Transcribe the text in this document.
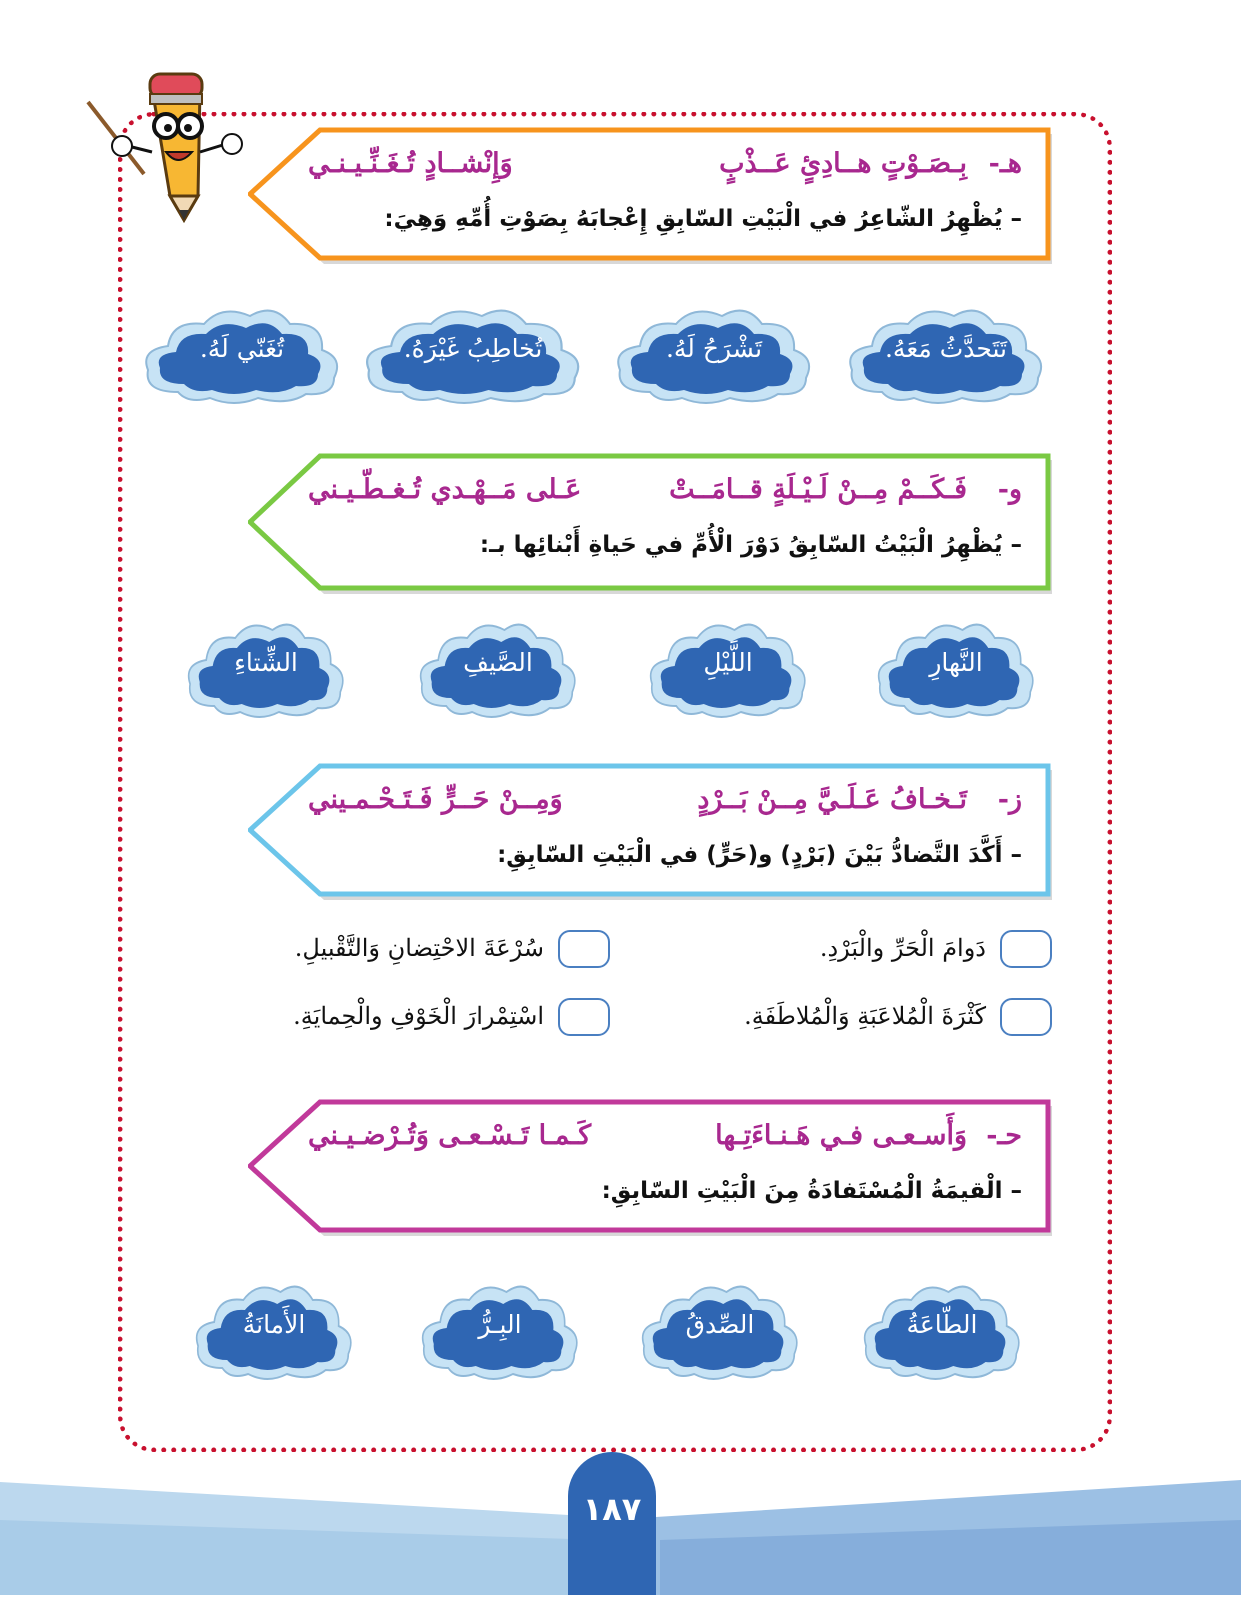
هـ-
بِـصَـوْتٍ هــادِئٍ عَــذْبٍ
وَإِنْشــادٍ تُـغَـنِّـيـنـي
– يُظْهِرُ الشّاعِرُ في الْبَيْتِ السّابِقِ إِعْجابَهُ بِصَوْتِ أُمِّهِ وَهِيَ:
تَتَحدَّثُ مَعَهُ.
تَشْرَحُ لَهُ.
تُخاطِبُ غَيْرَهُ.
تُغَنّي لَهُ.
و-
فَـكَــمْ مِــنْ لَـيْـلَةٍ قــامَــتْ
عَـلى مَــهْـدي تُـغـطّـيـني
– يُظْهِرُ الْبَيْتُ السّابِقُ دَوْرَ الْأُمِّ في حَياةِ أَبْنائِها بـ:
النَّهارِ
اللَّيْلِ
الصَّيفِ
الشِّتاءِ
ز-
تَـخـافُ عَـلَـيَّ مِــنْ بَــرْدٍ
وَمِــنْ حَــرٍّ فَـتَـحْـمـيني
– أَكَّدَ التَّضادُّ بَيْنَ (بَرْدٍ) و(حَرٍّ) في الْبَيْتِ السّابِقِ:
دَوامَ الْحَرِّ والْبَرْدِ.
سُرْعَةَ الاحْتِضانِ وَالتَّقْبيلِ.
كَثْرَةَ الْمُلاعَبَةِ وَالْمُلاطَفَةِ.
اسْتِمْرارَ الْخَوْفِ والْحِمايَةِ.
حـ-
وَأَسـعـى فـي هَـنـاءَتِـها
كَـمـا تَـسْـعـى وَتُـرْضـيـني
– الْقيمَةُ الْمُسْتَفادَةُ مِنَ الْبَيْتِ السّابِقِ:
الطّاعَةُ
الصِّدقُ
البِـرُّ
الأَمانَةُ
١٨٧
